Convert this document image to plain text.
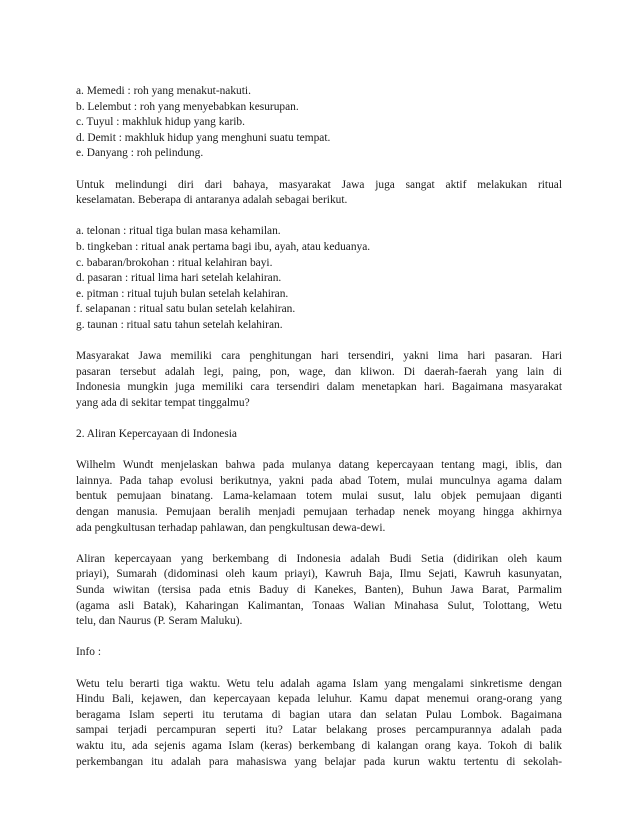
a. Memedi : roh yang menakut-nakuti.
b. Lelembut : roh yang menyebabkan kesurupan.
c. Tuyul : makhluk hidup yang karib.
d. Demit : makhluk hidup yang menghuni suatu tempat.
e. Danyang : roh pelindung.
Untuk melindungi diri dari bahaya, masyarakat Jawa juga sangat aktif melakukan ritual
keselamatan. Beberapa di antaranya adalah sebagai berikut.
a. telonan : ritual tiga bulan masa kehamilan.
b. tingkeban : ritual anak pertama bagi ibu, ayah, atau keduanya.
c. babaran/brokohan : ritual kelahiran bayi.
d. pasaran : ritual lima hari setelah kelahiran.
e. pitman : ritual tujuh bulan setelah kelahiran.
f. selapanan : ritual satu bulan setelah kelahiran.
g. taunan : ritual satu tahun setelah kelahiran.
Masyarakat Jawa memiliki cara penghitungan hari tersendiri, yakni lima hari pasaran. Hari
pasaran tersebut adalah legi, paing, pon, wage, dan kliwon. Di daerah-faerah yang lain di
Indonesia mungkin juga memiliki cara tersendiri dalam menetapkan hari. Bagaimana masyarakat
yang ada di sekitar tempat tinggalmu?
2. Aliran Kepercayaan di Indonesia
Wilhelm Wundt menjelaskan bahwa pada mulanya datang kepercayaan tentang magi, iblis, dan
lainnya. Pada tahap evolusi berikutnya, yakni pada abad Totem, mulai munculnya agama dalam
bentuk pemujaan binatang. Lama-kelamaan totem mulai susut, lalu objek pemujaan diganti
dengan manusia. Pemujaan beralih menjadi pemujaan terhadap nenek moyang hingga akhirnya
ada pengkultusan terhadap pahlawan, dan pengkultusan dewa-dewi.
Aliran kepercayaan yang berkembang di Indonesia adalah Budi Setia (didirikan oleh kaum
priayi), Sumarah (didominasi oleh kaum priayi), Kawruh Baja, Ilmu Sejati, Kawruh kasunyatan,
Sunda wiwitan (tersisa pada etnis Baduy di Kanekes, Banten), Buhun Jawa Barat, Parmalim
(agama asli Batak), Kaharingan Kalimantan, Tonaas Walian Minahasa Sulut, Tolottang, Wetu
telu, dan Naurus (P. Seram Maluku).
Info :
Wetu telu berarti tiga waktu. Wetu telu adalah agama Islam yang mengalami sinkretisme dengan
Hindu Bali, kejawen, dan kepercayaan kepada leluhur. Kamu dapat menemui orang-orang yang
beragama Islam seperti itu terutama di bagian utara dan selatan Pulau Lombok. Bagaimana
sampai terjadi percampuran seperti itu? Latar belakang proses percampurannya adalah pada
waktu itu, ada sejenis agama Islam (keras) berkembang di kalangan orang kaya. Tokoh di balik
perkembangan itu adalah para mahasiswa yang belajar pada kurun waktu tertentu di sekolah-
